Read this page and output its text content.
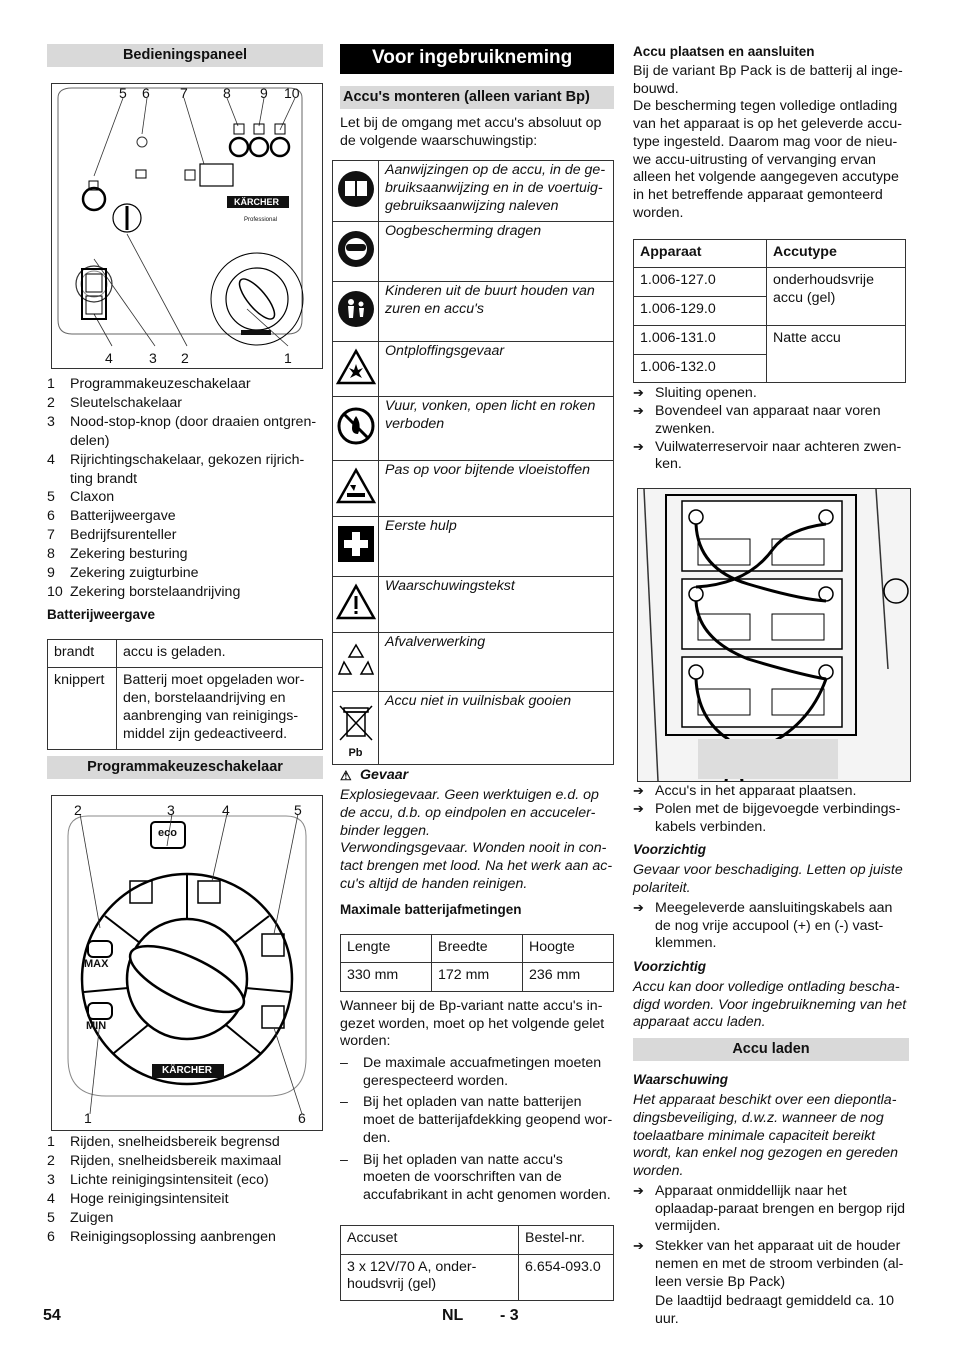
Bedieningspaneel
5 6 7	8 9 10
4	3 2	1
KÄRCHER
Professional
1	Programmakeuzeschakelaar
2	Sleutelschakelaar
3	Nood-stop-knop (door draaien ontgren-delen)
4	Rijrichtingschakelaar, gekozen rijrich-ting brandt
5	Claxon
6	Batterijweergave
7	Bedrijfsurenteller
8	Zekering besturing
9	Zekering zuigturbine
10 Zekering borstelaandrijving
Batterijweergave
brandt	accu is geladen.
knippert	Batterij moet opgeladen wor-den, borstelaandrijving en aanbrenging van reinigings-middel zijn gedeactiveerd.
Programmakeuzeschakelaar
2	3	4	5
1	6
eco
MAX
MIN
KÄRCHER
1	Rijden, snelheidsbereik begrensd
2	Rijden, snelheidsbereik maximaal
3	Lichte reinigingsintensiteit (eco)
4	Hoge reinigingsintensiteit
5	Zuigen
6	Reinigingsoplossing aanbrengen
Voor ingebruikneming
Accu's monteren (alleen variant Bp)

Let bij de omgang met accu's absoluut op de volgende waarschuwingstip:

	Aanwijzingen op de accu, in de ge-bruiksaanwijzing en in de voertuig-gebruiksaanwijzing naleven
	Oogbescherming dragen
	Kinderen uit de buurt houden van zuren en accu's
	Ontploffingsgevaar
	Vuur, vonken, open licht en roken verboden
	Pas op voor bijtende vloeistoffen
	Eerste hulp
	Waarschuwingstekst
	Afvalverwerking

Pb	Accu niet in vuilnisbak gooien
⚠ Gevaar

Explosiegevaar. Geen werktuigen e.d. op de accu, d.b. op eindpolen en accuceler-binder leggen.

Verwondingsgevaar. Wonden nooit in con-tact brengen met lood. Na het werk aan ac-cu's altijd de handen reinigen.

Maximale batterijafmetingen
Lengte	Breedte	Hoogte
330 mm	172 mm	236 mm

Wanneer bij de Bp-variant natte accu's in-gezet worden, moet op het volgende gelet worden:

–	De maximale accuafmetingen moeten gerespecteerd worden.
–	Bij het opladen van natte batterijen moet de batterijafdekking geopend wor-den.
–	Bij het opladen van natte accu's moeten de voorschriften van de accufabrikant in acht genomen worden.
Accuset	Bestel-nr.
3 x 12V/70 A, onder-houdsvrij (gel)	6.654-093.0
Accu plaatsen en aansluiten

Bij de variant Bp Pack is de batterij al inge-bouwd.

De bescherming tegen volledige ontlading van het apparaat is op het geleverde accu-type ingesteld. Daarom mag voor de nieu-we accu-uitrusting of vervanging ervan alleen het volgende aangegeven accutype in het betreffende apparaat gemonteerd worden.

Apparaat	Accutype
1.006-127.0	onderhoudsvrije accu (gel)
1.006-129.0	
1.006-131.0	Natte accu
1.006-132.0	
➔ Sluiting openen.
➔ Bovendeel van apparaat naar voren zwenken.
➔ Vuilwaterreservoir naar achteren zwen-ken.
➔ Accu's in het apparaat plaatsen.
➔ Polen met de bijgevoegde verbindings-kabels verbinden.
Voorzichtig

Gevaar voor beschadiging. Letten op juiste polariteit.

➔ Meegeleverde aansluitingskabels aan de nog vrije accupool (+) en (-) vast-klemmen.
Voorzichtig

Accu kan door volledige ontlading bescha-digd worden. Voor ingebruikneming van het apparaat accu laden.

Accu laden
Waarschuwing

Het apparaat beschikt over een diepontla-dingsbeveiliging, d.w.z. wanneer de nog toelaatbare minimale capaciteit bereikt wordt, kan enkel nog gezogen en gereden worden.

➔ Apparaat onmiddellijk naar het oplaadap-paraat brengen en bergop rijd vermijden.
➔ Stekker van het apparaat uit de houder nemen en met de stroom verbinden (al-leen versie Bp Pack)

De laadtijd bedraagt gemiddeld ca. 10 uur.

54	NL - 3
